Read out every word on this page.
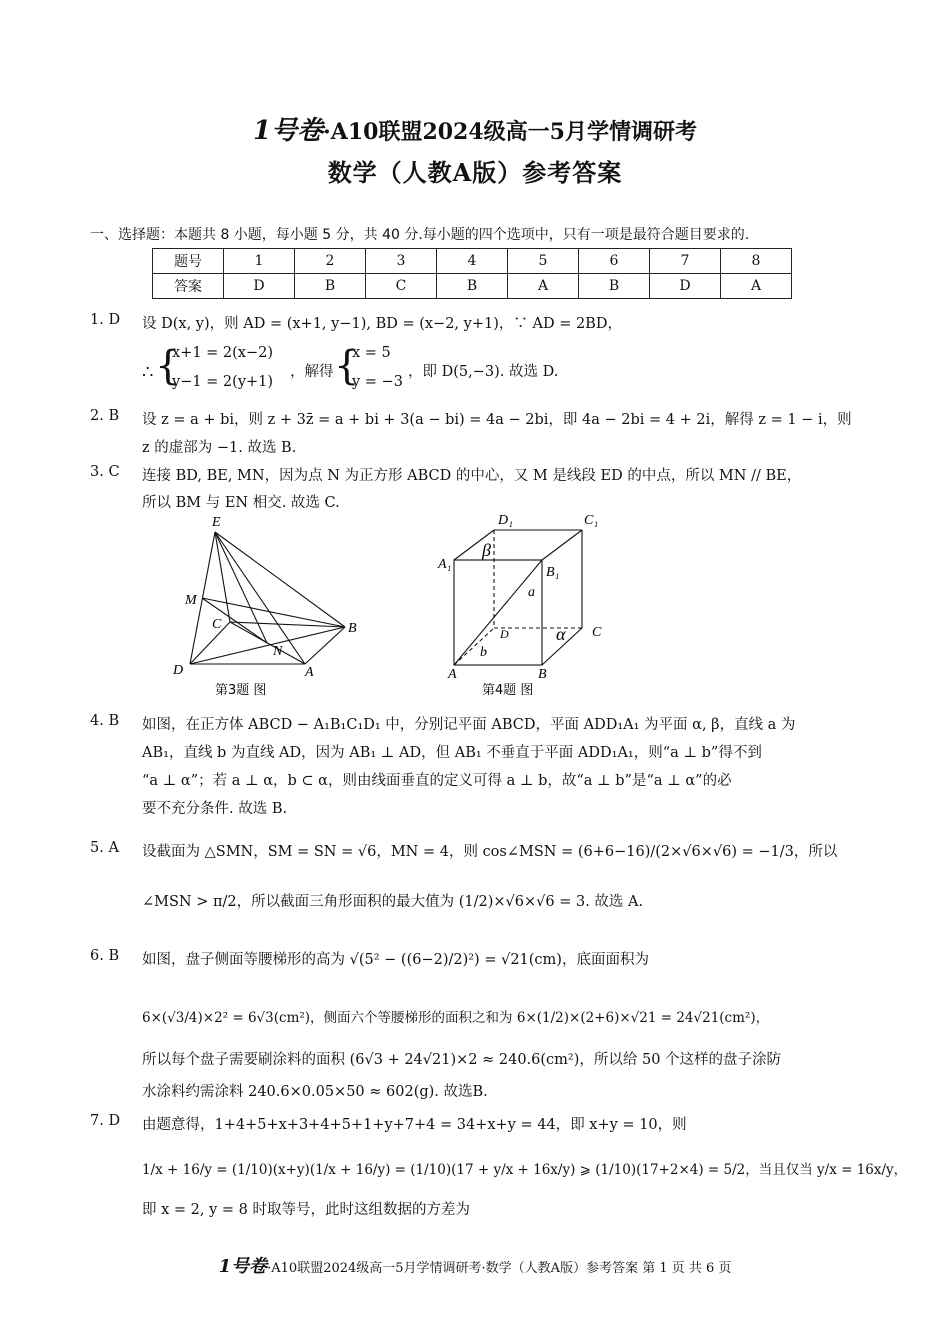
1号卷·A10联盟2024级高一5月学情调研考
数学（人教A版）参考答案
一、选择题：本题共 8 小题，每小题 5 分，共 40 分.每小题的四个选项中，只有一项是最符合题目要求的.
题号	1	2	3	4	5	6	7	8
答案	D	B	C	B	A	B	D	A
1. D 设 D(x, y)，则 AD = (x+1, y−1), BD = (x−2, y+1)，∵ AD = 2BD，
∴ {
x+1 = 2(x−2)
y−1 = 2(y+1)
，解得 {
x = 5
y = −3
，即 D(5,−3). 故选 D.
2. B 设 z = a + bi，则 z + 3z̄ = a + bi + 3(a − bi) = 4a − 2bi，即 4a − 2bi = 4 + 2i，解得 z = 1 − i，则
z 的虚部为 −1. 故选 B.
3. C 连接 BD, BE, MN，因为点 N 为正方形 ABCD 的中心，又 M 是线段 ED 的中点，所以 MN // BE，
所以 BM 与 EN 相交. 故选 C.
E
M
C	B
N
D	A
第3题 图
D₁	C₁
A₁
B₁
β
a
D	C
α
b
A	B
第4题 图
4. B 如图，在正方体 ABCD − A₁B₁C₁D₁ 中，分别记平面 ABCD，平面 ADD₁A₁ 为平面 α, β，直线 a 为
AB₁，直线 b 为直线 AD，因为 AB₁ ⊥ AD，但 AB₁ 不垂直于平面 ADD₁A₁，则“a ⊥ b”得不到
“a ⊥ α”；若 a ⊥ α，b ⊂ α，则由线面垂直的定义可得 a ⊥ b，故“a ⊥ b”是“a ⊥ α”的必
要不充分条件. 故选 B.
5. A 设截面为 △SMN，SM = SN = √6，MN = 4，则 cos∠MSN = (6+6−16)/(2×√6×√6) = −1/3，所以
∠MSN > π/2，所以截面三角形面积的最大值为 (1/2)×√6×√6 = 3. 故选 A.
6. B 如图，盘子侧面等腰梯形的高为 √(5² − ((6−2)/2)²) = √21(cm)，底面面积为
6×(√3/4)×2² = 6√3(cm²)，侧面六个等腰梯形的面积之和为 6×(1/2)×(2+6)×√21 = 24√21(cm²)，
所以每个盘子需要刷涂料的面积 (6√3 + 24√21)×2 ≈ 240.6(cm²)，所以给 50 个这样的盘子涂防
水涂料约需涂料 240.6×0.05×50 ≈ 602(g). 故选B.
7. D 由题意得，1+4+5+x+3+4+5+1+y+7+4 = 34+x+y = 44，即 x+y = 10，则
1/x + 16/y = (1/10)(x+y)(1/x + 16/y) = (1/10)(17 + y/x + 16x/y) ⩾ (1/10)(17+2×4) = 5/2，当且仅当 y/x = 16x/y，
即 x = 2, y = 8 时取等号，此时这组数据的方差为
1号卷·A10联盟2024级高一5月学情调研考·数学（人教A版）参考答案 第 1 页 共 6 页
